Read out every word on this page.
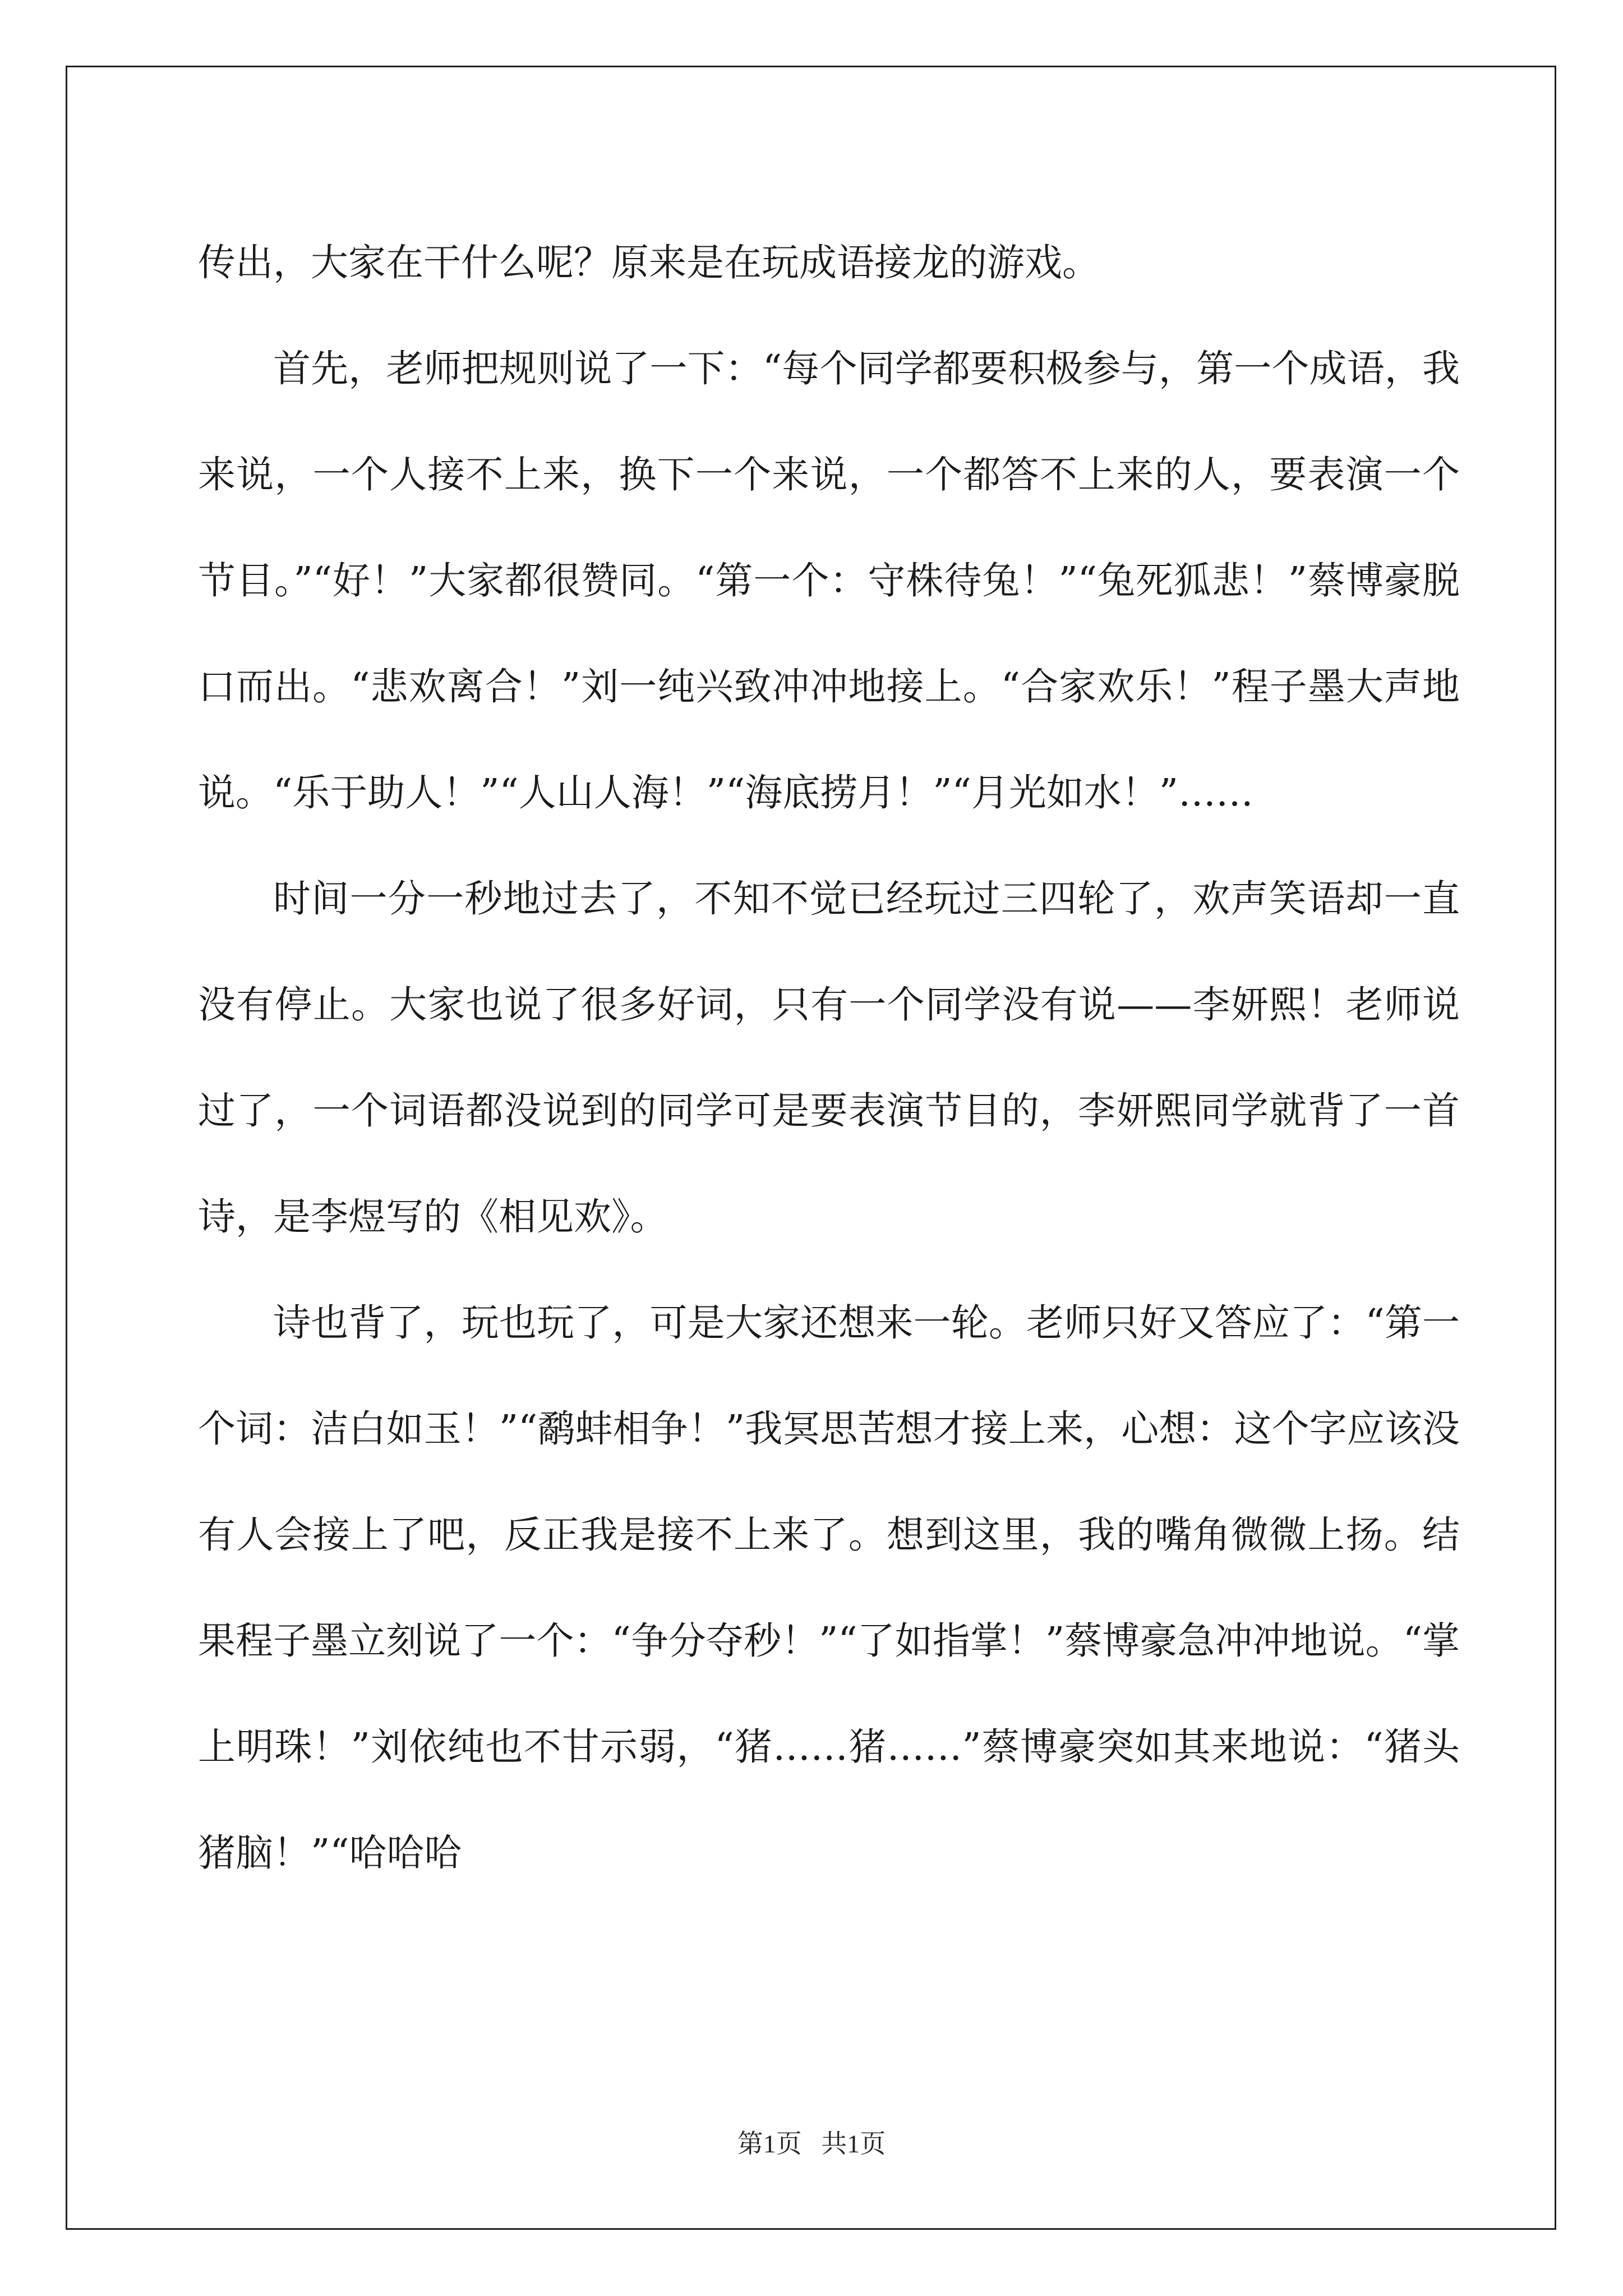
传出，大家在干什么呢？原来是在玩成语接龙的游戏。

首先，老师把规则说了一下：“每个同学都要积极参与，第一个成语，我来说，一个人接不上来，换下一个来说，一个都答不上来的人，要表演一个节目。”“好！”大家都很赞同。“第一个：守株待兔！”“兔死狐悲！”蔡博豪脱口而出。“悲欢离合！”刘一纯兴致冲冲地接上。“合家欢乐！”程子墨大声地说。“乐于助人！”“人山人海！”“海底捞月！”“月光如水！”……

时间一分一秒地过去了，不知不觉已经玩过三四轮了，欢声笑语却一直没有停止。大家也说了很多好词，只有一个同学没有说——李妍熙！老师说过了，一个词语都没说到的同学可是要表演节目的，李妍熙同学就背了一首诗，是李煜写的《相见欢》。

诗也背了，玩也玩了，可是大家还想来一轮。老师只好又答应了：“第一个词：洁白如玉！”“鹬蚌相争！”我冥思苦想才接上来，心想：这个字应该没有人会接上了吧，反正我是接不上来了。想到这里，我的嘴角微微上扬。结果程子墨立刻说了一个：“争分夺秒！”“了如指掌！”蔡博豪急冲冲地说。“掌上明珠！”刘依纯也不甘示弱，“猪……猪……”蔡博豪突如其来地说：“猪头猪脑！”“哈哈哈

第1页   共1页
